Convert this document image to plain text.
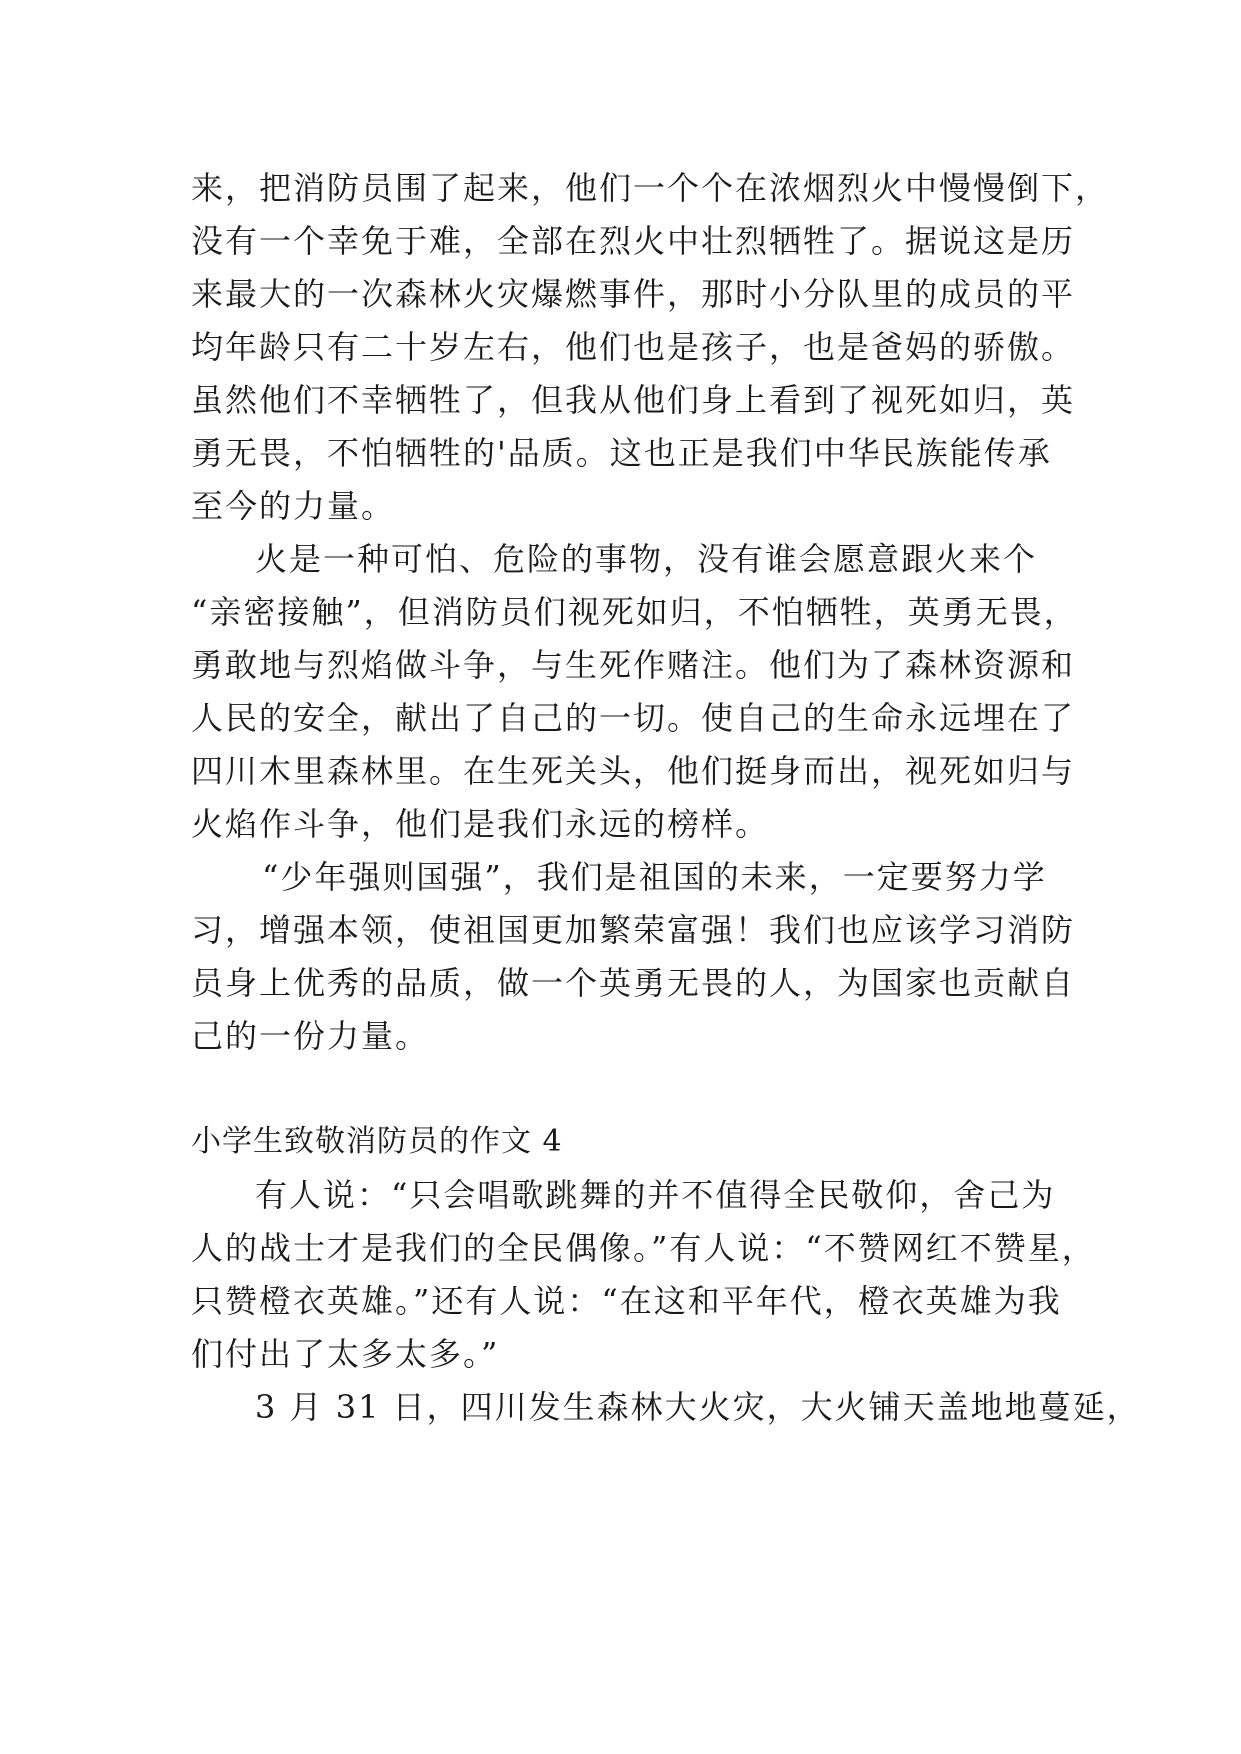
来，把消防员围了起来，他们一个个在浓烟烈火中慢慢倒下，
没有一个幸免于难，全部在烈火中壮烈牺牲了。据说这是历
来最大的一次森林火灾爆燃事件，那时小分队里的成员的平
均年龄只有二十岁左右，他们也是孩子，也是爸妈的骄傲。
虽然他们不幸牺牲了，但我从他们身上看到了视死如归，英
勇无畏，不怕牺牲的'品质。这也正是我们中华民族能传承
至今的力量。
火是一种可怕、危险的事物，没有谁会愿意跟火来个
“亲密接触”，但消防员们视死如归，不怕牺牲，英勇无畏，
勇敢地与烈焰做斗争，与生死作赌注。他们为了森林资源和
人民的安全，献出了自己的一切。使自己的生命永远埋在了
四川木里森林里。在生死关头，他们挺身而出，视死如归与
火焰作斗争，他们是我们永远的榜样。
“少年强则国强”，我们是祖国的未来，一定要努力学
习，增强本领，使祖国更加繁荣富强！我们也应该学习消防
员身上优秀的品质，做一个英勇无畏的人，为国家也贡献自
己的一份力量。
小学生致敬消防员的作文 4
有人说：“只会唱歌跳舞的并不值得全民敬仰，舍己为
人的战士才是我们的全民偶像。”有人说：“不赞网红不赞星，
只赞橙衣英雄。”还有人说：“在这和平年代，橙衣英雄为我
们付出了太多太多。”
3 月 31 日，四川发生森林大火灾，大火铺天盖地地蔓延，
